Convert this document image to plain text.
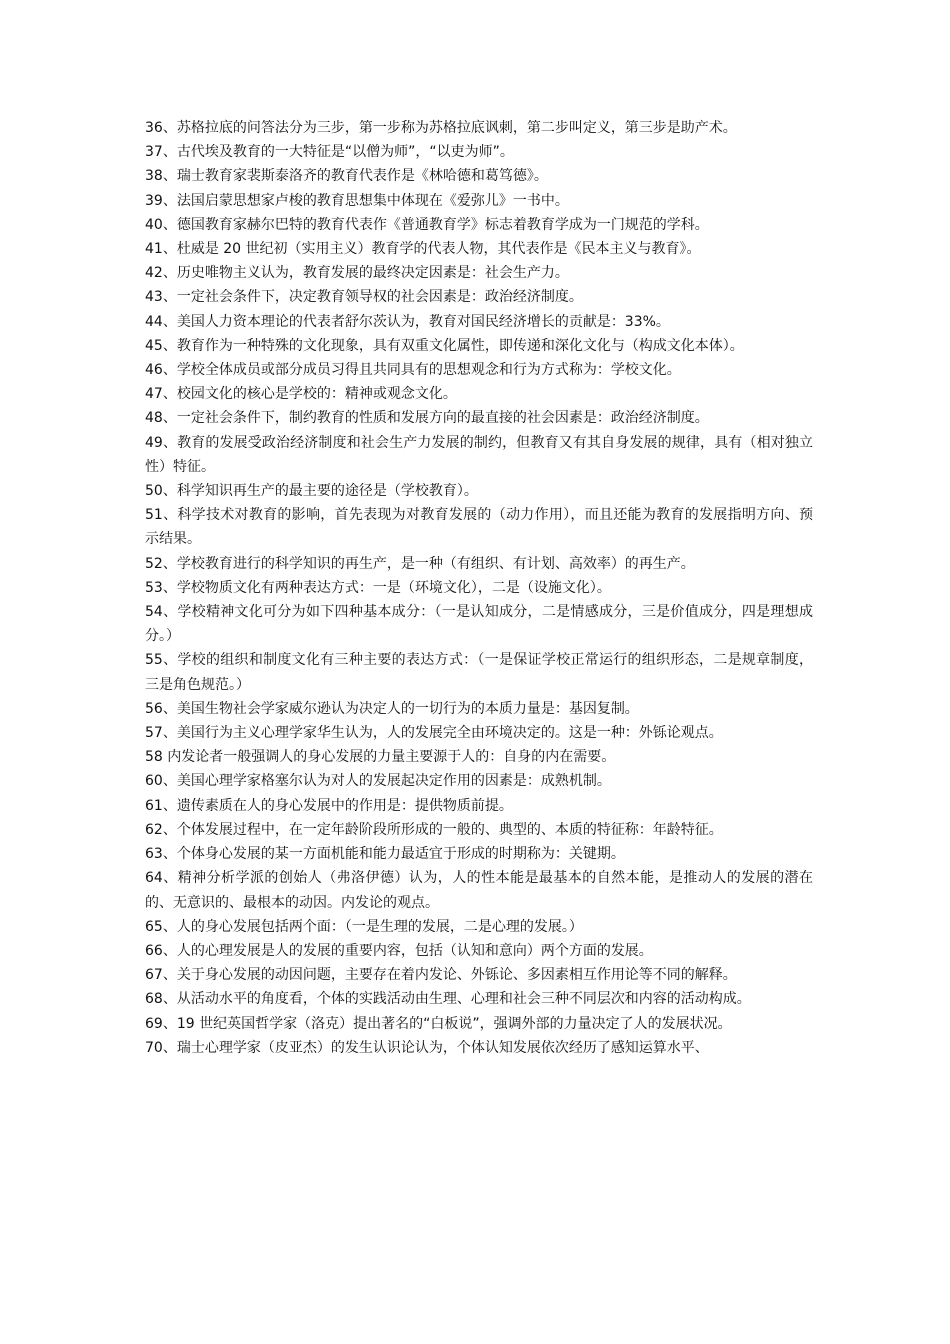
36、苏格拉底的问答法分为三步，第一步称为苏格拉底讽刺，第二步叫定义，第三步是助产术。

37、古代埃及教育的一大特征是“以僧为师”，“以吏为师”。

38、瑞士教育家裴斯泰洛齐的教育代表作是《林哈德和葛笃德》。

39、法国启蒙思想家卢梭的教育思想集中体现在《爱弥儿》一书中。

40、德国教育家赫尔巴特的教育代表作《普通教育学》标志着教育学成为一门规范的学科。

41、杜威是 20 世纪初（实用主义）教育学的代表人物，其代表作是《民本主义与教育》。

42、历史唯物主义认为，教育发展的最终决定因素是：社会生产力。

43、一定社会条件下，决定教育领导权的社会因素是：政治经济制度。

44、美国人力资本理论的代表者舒尔茨认为，教育对国民经济增长的贡献是：33%。

45、教育作为一种特殊的文化现象，具有双重文化属性，即传递和深化文化与（构成文化本体）。

46、学校全体成员或部分成员习得且共同具有的思想观念和行为方式称为：学校文化。

47、校园文化的核心是学校的：精神或观念文化。

48、一定社会条件下，制约教育的性质和发展方向的最直接的社会因素是：政治经济制度。

49、教育的发展受政治经济制度和社会生产力发展的制约，但教育又有其自身发展的规律，具有（相对独立性）特征。

50、科学知识再生产的最主要的途径是（学校教育）。

51、科学技术对教育的影响，首先表现为对教育发展的（动力作用），而且还能为教育的发展指明方向、预示结果。

52、学校教育进行的科学知识的再生产，是一种（有组织、有计划、高效率）的再生产。

53、学校物质文化有两种表达方式：一是（环境文化），二是（设施文化）。

54、学校精神文化可分为如下四种基本成分：（一是认知成分，二是情感成分，三是价值成分，四是理想成分。）

55、学校的组织和制度文化有三种主要的表达方式：（一是保证学校正常运行的组织形态，二是规章制度，三是角色规范。）

56、美国生物社会学家威尔逊认为决定人的一切行为的本质力量是：基因复制。

57、美国行为主义心理学家华生认为，人的发展完全由环境决定的。这是一种：外铄论观点。

58 内发论者一般强调人的身心发展的力量主要源于人的：自身的内在需要。

60、美国心理学家格塞尔认为对人的发展起决定作用的因素是：成熟机制。

61、遗传素质在人的身心发展中的作用是：提供物质前提。

62、个体发展过程中，在一定年龄阶段所形成的一般的、典型的、本质的特征称：年龄特征。

63、个体身心发展的某一方面机能和能力最适宜于形成的时期称为：关键期。

64、精神分析学派的创始人（弗洛伊德）认为，人的性本能是最基本的自然本能，是推动人的发展的潜在的、无意识的、最根本的动因。内发论的观点。

65、人的身心发展包括两个面：（一是生理的发展，二是心理的发展。）

66、人的心理发展是人的发展的重要内容，包括（认知和意向）两个方面的发展。

67、关于身心发展的动因问题，主要存在着内发论、外铄论、多因素相互作用论等不同的解释。

68、从活动水平的角度看，个体的实践活动由生理、心理和社会三种不同层次和内容的活动构成。

69、19 世纪英国哲学家（洛克）提出著名的“白板说”，强调外部的力量决定了人的发展状况。

70、瑞士心理学家（皮亚杰）的发生认识论认为，个体认知发展依次经历了感知运算水平、
